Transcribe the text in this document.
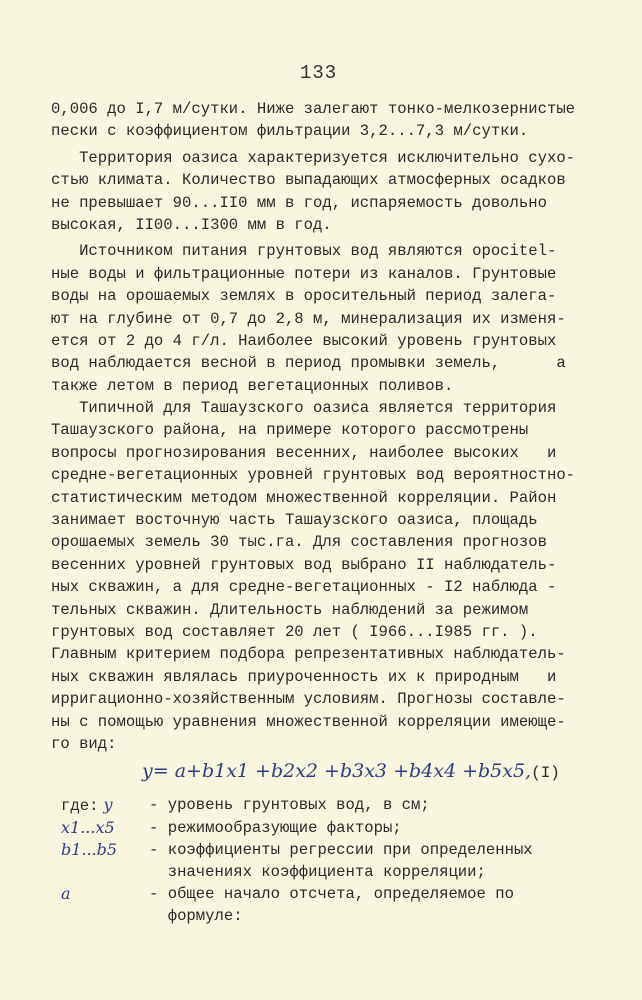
133
0,006 до I,7 м/сутки. Ниже залегают тонко-мелкозернистые
пески с коэффициентом фильтрации 3,2...7,3 м/сутки.
Территория оазиса характеризуется исключительно сухо-
стью климата. Количество выпадающих атмосферных осадков
не превышает 90...II0 мм в год, испаряемость довольно
высокая, II00...I300 мм в год.
Источником питания грунтовых вод являются оросitel-
ные воды и фильтрационные потери из каналов. Грунтовые
воды на орошаемых землях в оросительный период залега-
ют на глубине от 0,7 до 2,8 м, минерализация их изменя-
ется от 2 до 4 г/л. Наиболее высокий уровень грунтовых
вод наблюдается весной в период промывки земель,      а
также летом в период вегетационных поливов.
Типичной для Ташаузского оазиса является территория
Ташаузского района, на примере которого рассмотрены
вопросы прогнозирования весенних, наиболее высоких   и
средне-вегетационных уровней грунтовых вод вероятностно-
статистическим методом множественной корреляции. Район
занимает восточную часть Ташаузского оазиса, площадь
орошаемых земель 30 тыс.га. Для составления прогнозов
весенних уровней грунтовых вод выбрано II наблюдатель-
ных скважин, а для средне-вегетационных - I2 наблюда -
тельных скважин. Длительность наблюдений за режимом
грунтовых вод составляет 20 лет ( I966...I985 гг. ).
Главным критерием подбора репрезентативных наблюдатель-
ных скважин являлась приуроченность их к природным   и
ирригационно-хозяйственным условиям. Прогнозы составле-
ны с помощью уравнения множественной корреляции имеюще-
го вид:
y= a+b1x1 +b2x2 +b3x3 +b4x4 +b5x5,(I)
где: y	- уровень грунтовых вод, в см;
x1...x5	- режимообразующие факторы;
b1...b5	- коэффициенты регрессии при определенных
значениях коэффициента корреляции;
a	- общее начало отсчета, определяемое по
формуле:
